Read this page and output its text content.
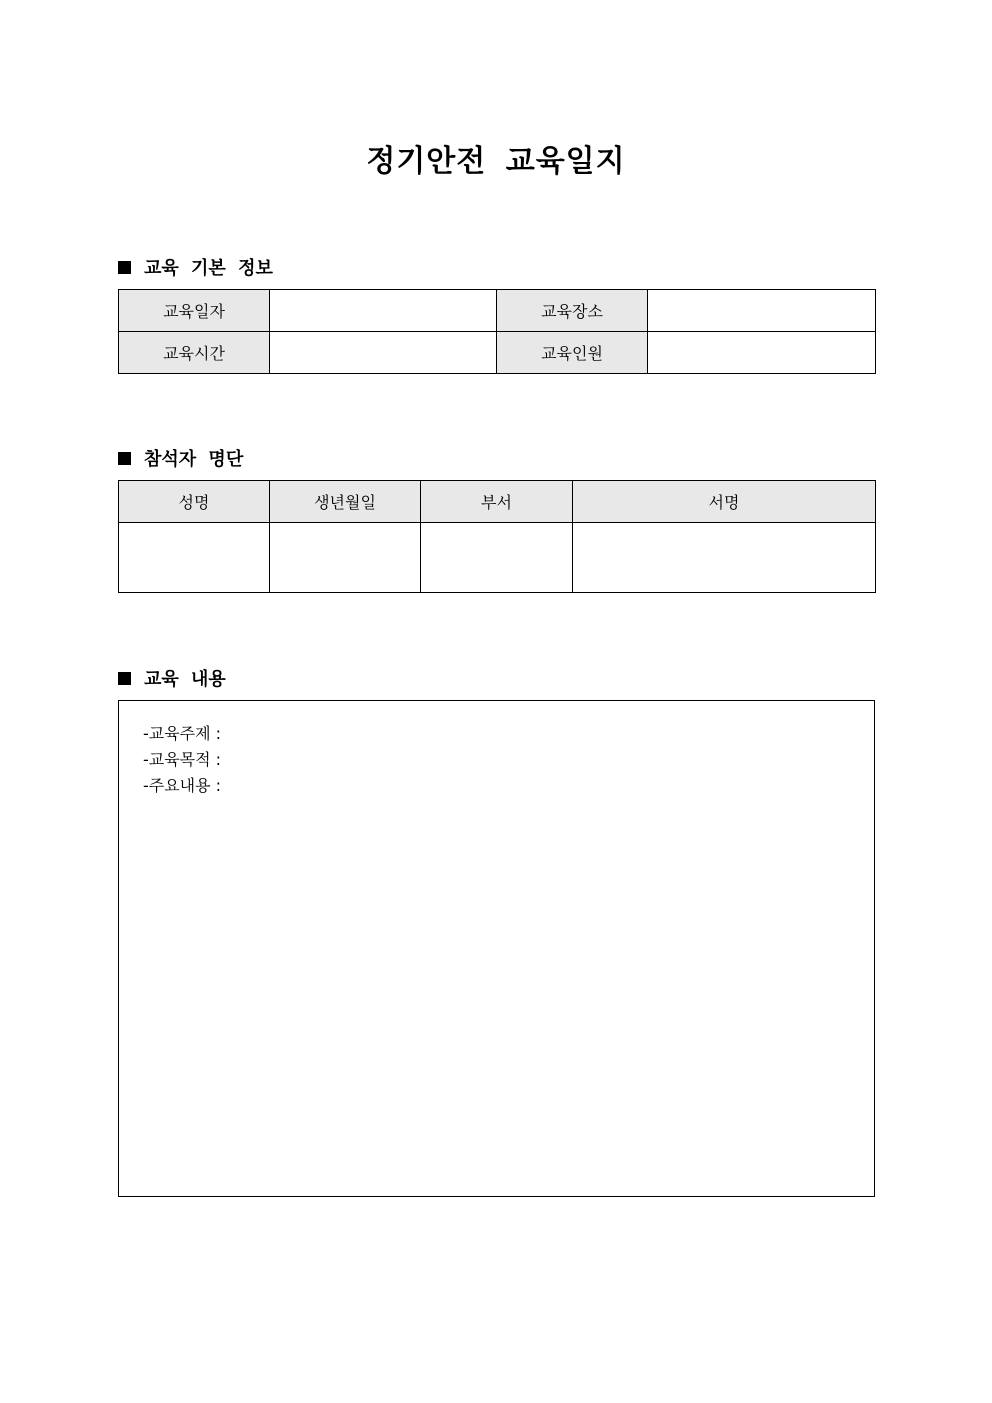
정기안전 교육일지
교육 기본 정보
교육일자		교육장소	
교육시간		교육인원	
참석자 명단
성명	생년월일	부서	서명

교육 내용
-교육주제 :
-교육목적 :
-주요내용 :
